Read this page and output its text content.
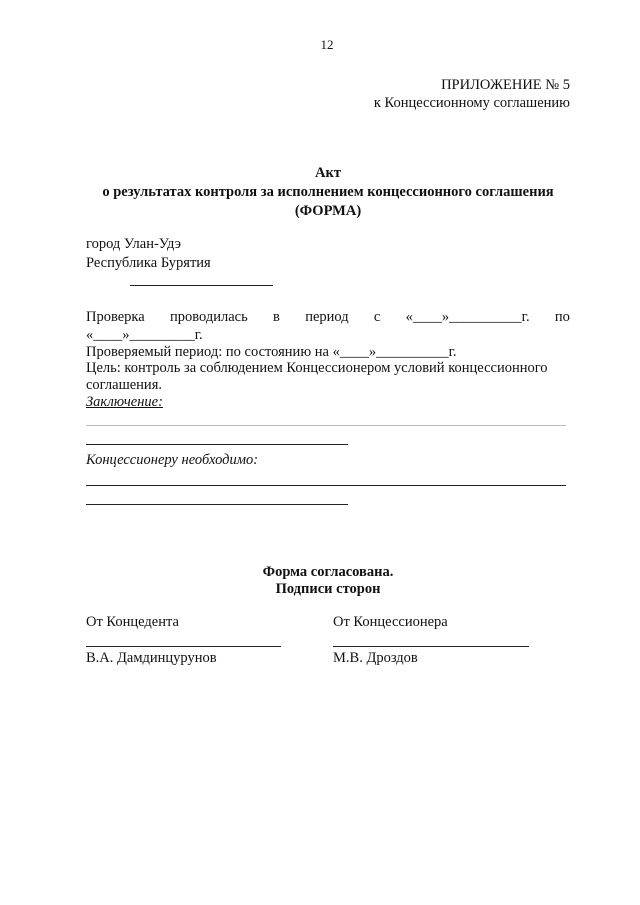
12
ПРИЛОЖЕНИЕ № 5
к Концессионному соглашению
Акт
о результатах контроля за исполнением концессионного соглашения
(ФОРМА)
город Улан-Удэ
Республика Бурятия
Проверка проводилась в период с «____»__________г. по
«____»_________г.
Проверяемый период: по состоянию на «____»__________г.
Цель: контроль за соблюдением Концессионером условий концессионного
соглашения.
Заключение:
Концессионеру необходимо:
Форма согласована.
Подписи сторон
От Концедента
В.А. Дамдинцурунов
От Концессионера
М.В. Дроздов
